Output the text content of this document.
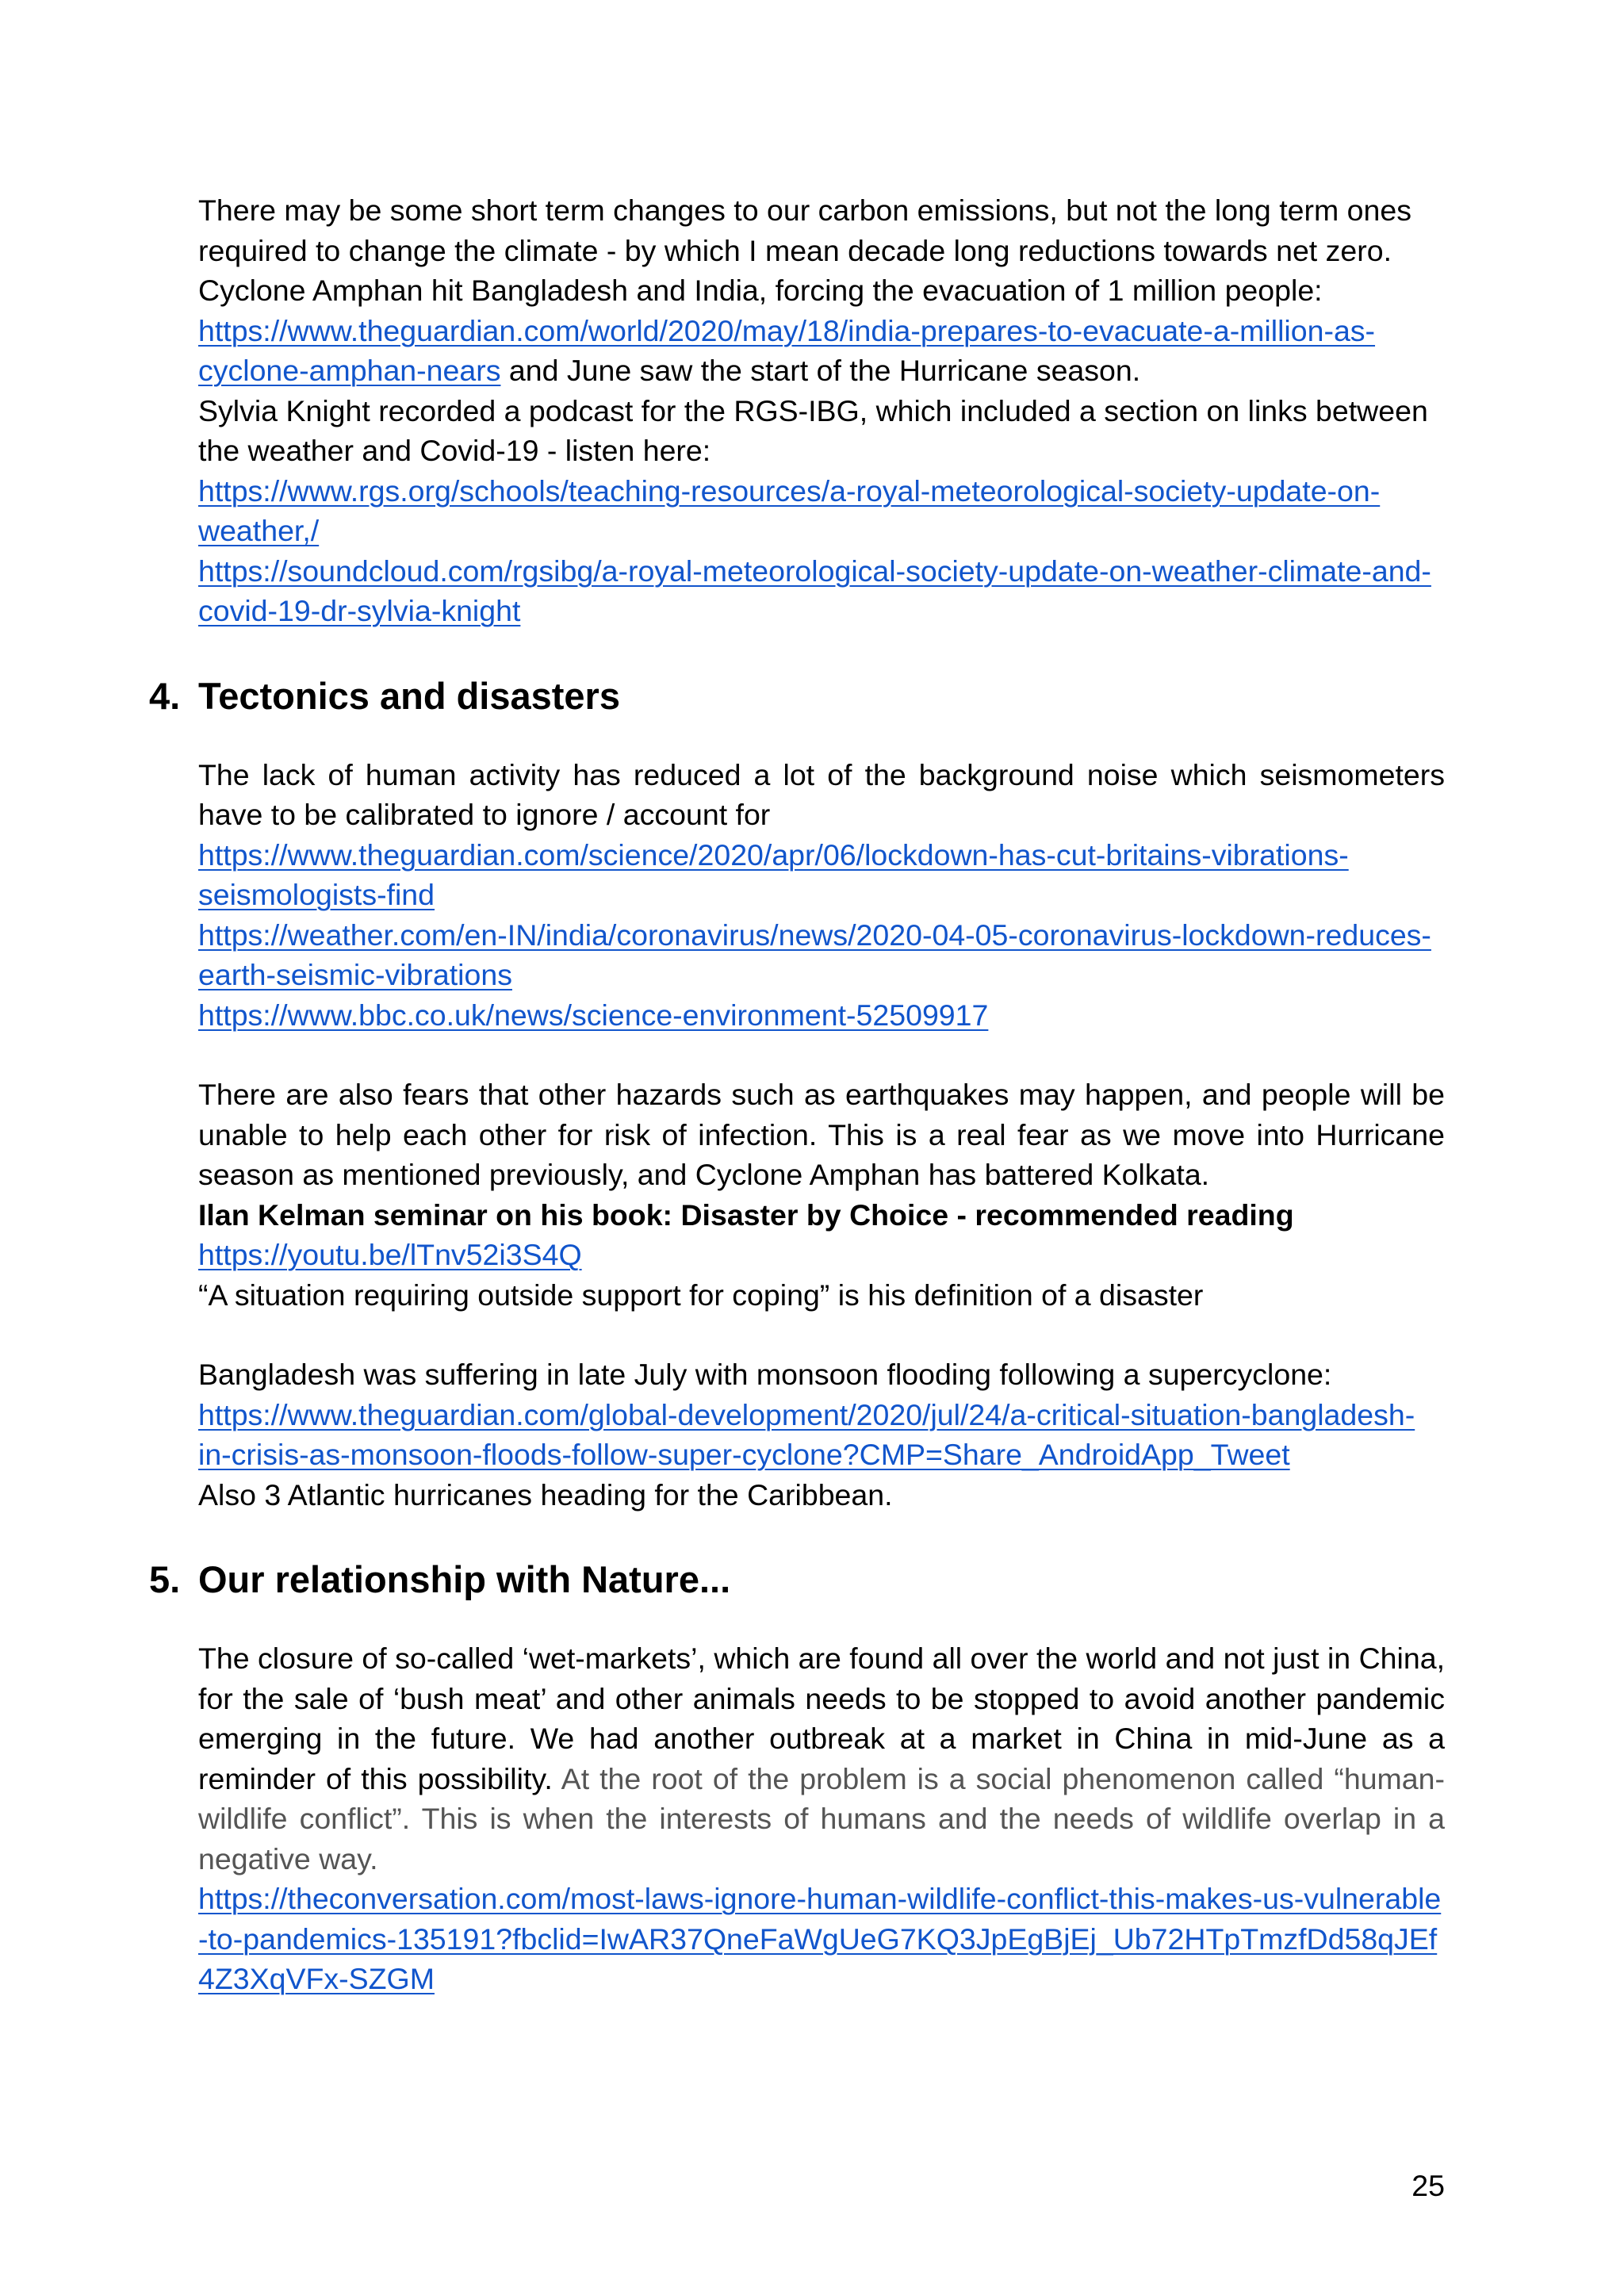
There may be some short term changes to our carbon emissions, but not the long term ones required to change the climate - by which I mean decade long reductions towards net zero.

Cyclone Amphan hit Bangladesh and India, forcing the evacuation of 1 million people:
https://www.theguardian.com/world/2020/may/18/india-prepares-to-evacuate-a-million-as-cyclone-amphan-nears and June saw the start of the Hurricane season.

Sylvia Knight recorded a podcast for the RGS-IBG, which included a section on links between the weather and Covid-19 - listen here:

https://www.rgs.org/schools/teaching-resources/a-royal-meteorological-society-update-on-weather,/
https://soundcloud.com/rgsibg/a-royal-meteorological-society-update-on-weather-climate-and-covid-19-dr-sylvia-knight

4. Tectonics and disasters

The lack of human activity has reduced a lot of the background noise which seismometers have to be calibrated to ignore / account for

https://www.theguardian.com/science/2020/apr/06/lockdown-has-cut-britains-vibrations-seismologists-find
https://weather.com/en-IN/india/coronavirus/news/2020-04-05-coronavirus-lockdown-reduces-earth-seismic-vibrations
https://www.bbc.co.uk/news/science-environment-52509917

There are also fears that other hazards such as earthquakes may happen, and people will be unable to help each other for risk of infection. This is a real fear as we move into Hurricane season as mentioned previously, and Cyclone Amphan has battered Kolkata.

Ilan Kelman seminar on his book: Disaster by Choice - recommended reading

https://youtu.be/lTnv52i3S4Q

“A situation requiring outside support for coping” is his definition of a disaster

Bangladesh was suffering in late July with monsoon flooding following a supercyclone:

https://www.theguardian.com/global-development/2020/jul/24/a-critical-situation-bangladesh-in-crisis-as-monsoon-floods-follow-super-cyclone?CMP=Share_AndroidApp_Tweet

Also 3 Atlantic hurricanes heading for the Caribbean.

5. Our relationship with Nature...

The closure of so-called ‘wet-markets’, which are found all over the world and not just in China, for the sale of ‘bush meat’ and other animals needs to be stopped to avoid another pandemic emerging in the future. We had another outbreak at a market in China in mid-June as a reminder of this possibility. At the root of the problem is a social phenomenon called “human-wildlife conflict”. This is when the interests of humans and the needs of wildlife overlap in a negative way.

https://theconversation.com/most-laws-ignore-human-wildlife-conflict-this-makes-us-vulnerable-to-pandemics-135191?fbclid=IwAR37QneFaWgUeG7KQ3JpEgBjEj_Ub72HTpTmzfDd58qJEf4Z3XqVFx-SZGM

25
